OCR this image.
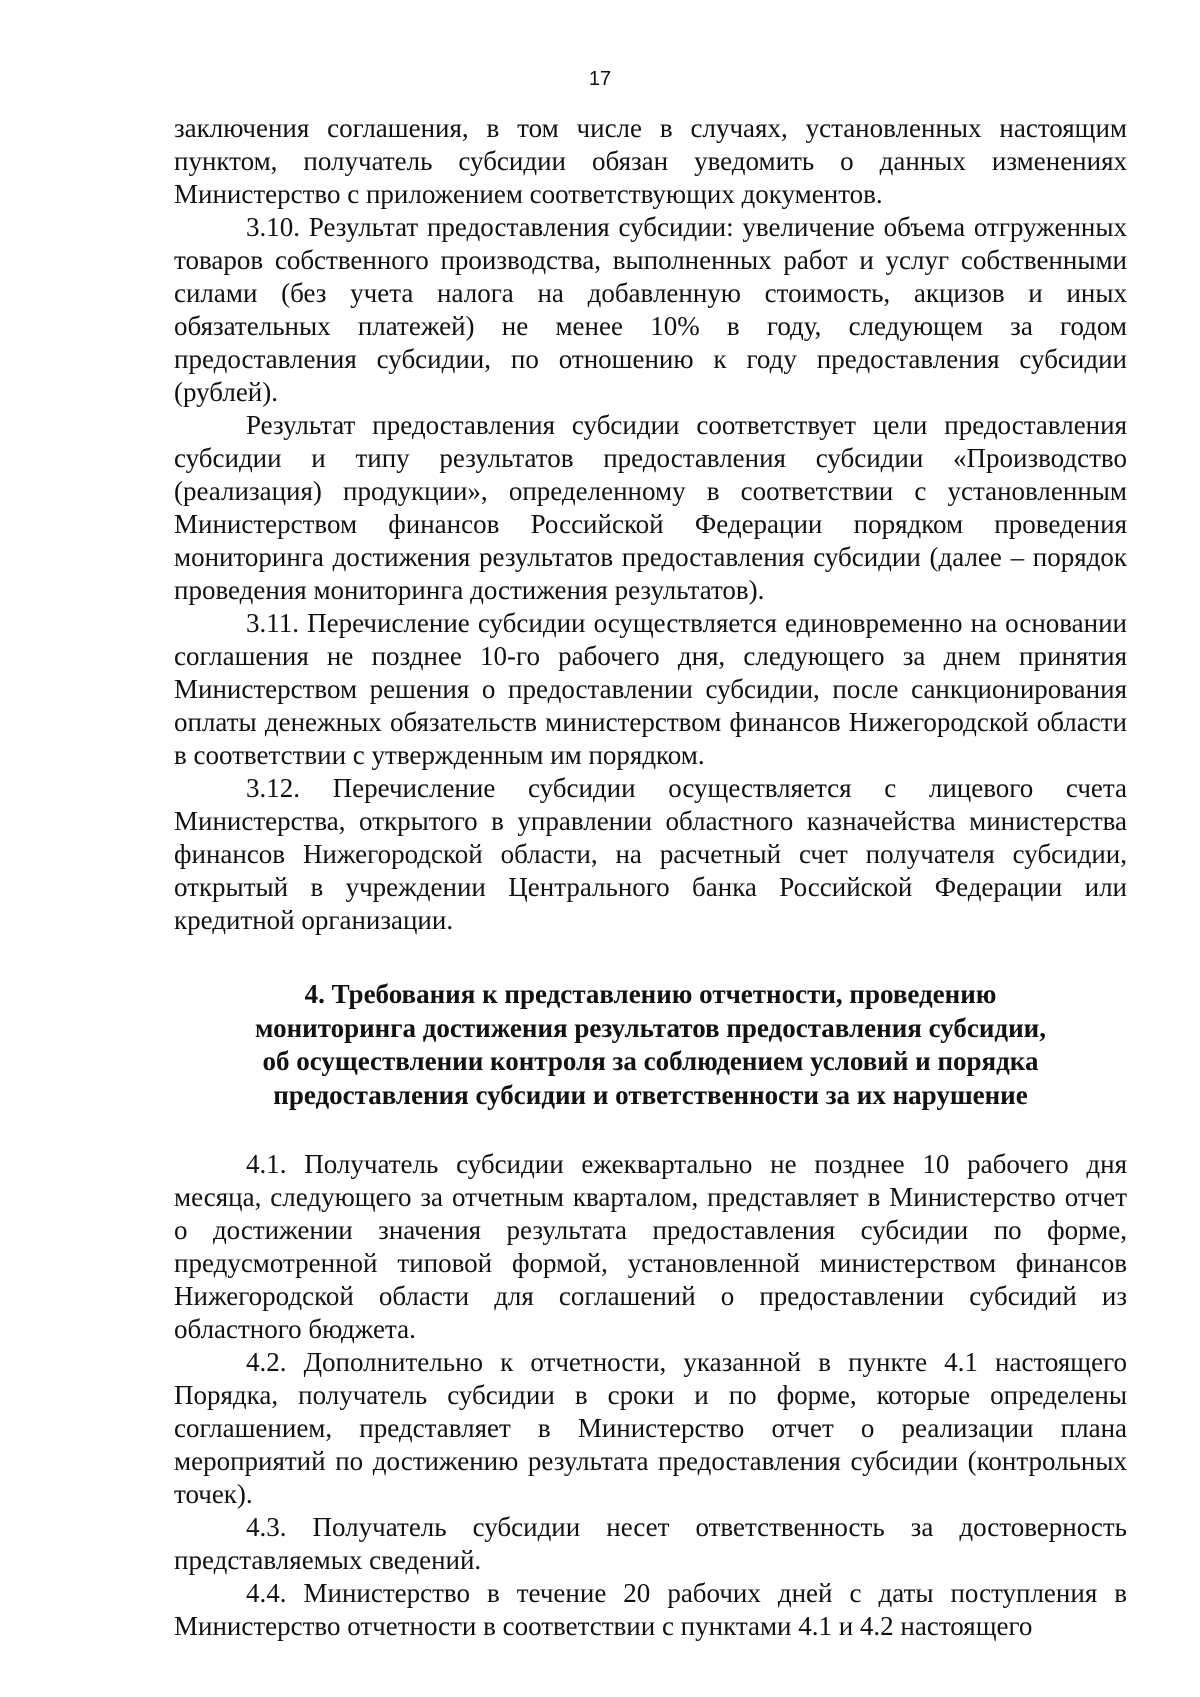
17

заключения соглашения, в том числе в случаях, установленных настоящим пунктом, получатель субсидии обязан уведомить о данных изменениях Министерство с приложением соответствующих документов.

3.10. Результат предоставления субсидии: увеличение объема отгруженных товаров собственного производства, выполненных работ и услуг собственными силами (без учета налога на добавленную стоимость, акцизов и иных обязательных платежей) не менее 10% в году, следующем за годом предоставления субсидии, по отношению к году предоставления субсидии (рублей).

Результат предоставления субсидии соответствует цели предоставления субсидии и типу результатов предоставления субсидии «Производство (реализация) продукции», определенному в соответствии с установленным Министерством финансов Российской Федерации порядком проведения мониторинга достижения результатов предоставления субсидии (далее – порядок проведения мониторинга достижения результатов).

3.11. Перечисление субсидии осуществляется единовременно на основании соглашения не позднее 10-го рабочего дня, следующего за днем принятия Министерством решения о предоставлении субсидии, после санкционирования оплаты денежных обязательств министерством финансов Нижегородской области в соответствии с утвержденным им порядком.

3.12. Перечисление субсидии осуществляется с лицевого счета Министерства, открытого в управлении областного казначейства министерства финансов Нижегородской области, на расчетный счет получателя субсидии, открытый в учреждении Центрального банка Российской Федерации или кредитной организации.

4. Требования к представлению отчетности, проведению
мониторинга достижения результатов предоставления субсидии,
об осуществлении контроля за соблюдением условий и порядка
предоставления субсидии и ответственности за их нарушение

4.1. Получатель субсидии ежеквартально не позднее 10 рабочего дня месяца, следующего за отчетным кварталом, представляет в Министерство отчет о достижении значения результата предоставления субсидии по форме, предусмотренной типовой формой, установленной министерством финансов Нижегородской области для соглашений о предоставлении субсидий из областного бюджета.

4.2. Дополнительно к отчетности, указанной в пункте 4.1 настоящего Порядка, получатель субсидии в сроки и по форме, которые определены соглашением, представляет в Министерство отчет о реализации плана мероприятий по достижению результата предоставления субсидии (контрольных точек).

4.3. Получатель субсидии несет ответственность за достоверность представляемых сведений.

4.4. Министерство в течение 20 рабочих дней с даты поступления в Министерство отчетности в соответствии с пунктами 4.1 и 4.2 настоящего
